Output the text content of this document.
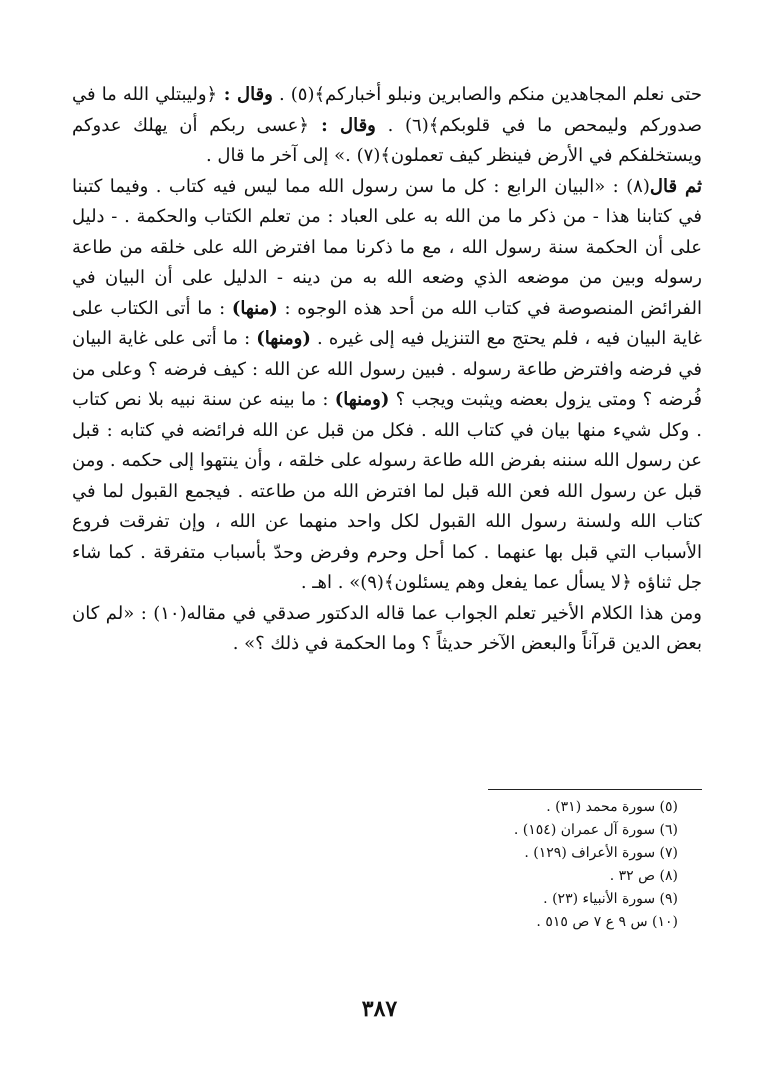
حتى نعلم المجاهدين منكم والصابرين ونبلو أخباركم﴾(٥) . وقال : ﴿وليبتلي الله ما في صدوركم وليمحص ما في قلوبكم﴾(٦) . وقال : ﴿عسى ربكم أن يهلك عدوكم ويستخلفكم في الأرض فينظر كيف تعملون﴾(٧) .» إلى آخر ما قال .

ثم قال(٨) : «البيان الرابع : كل ما سن رسول الله مما ليس فيه كتاب . وفيما كتبنا في كتابنا هذا - من ذكر ما من الله به على العباد : من تعلم الكتاب والحكمة . - دليل على أن الحكمة سنة رسول الله ، مع ما ذكرنا مما افترض الله على خلقه من طاعة رسوله وبين من موضعه الذي وضعه الله به من دينه - الدليل على أن البيان في الفرائض المنصوصة في كتاب الله من أحد هذه الوجوه : (منها) : ما أتى الكتاب على غاية البيان فيه ، فلم يحتج مع التنزيل فيه إلى غيره . (ومنها) : ما أتى على غاية البيان في فرضه وافترض طاعة رسوله . فبين رسول الله عن الله : كيف فرضه ؟ وعلى من فُرضه ؟ ومتى يزول بعضه ويثبت ويجب ؟ (ومنها) : ما بينه عن سنة نبيه بلا نص كتاب . وكل شيء منها بيان في كتاب الله . فكل من قبل عن الله فرائضه في كتابه : قبل عن رسول الله سننه بفرض الله طاعة رسوله على خلقه ، وأن ينتهوا إلى حكمه . ومن قبل عن رسول الله فعن الله قبل لما افترض الله من طاعته . فيجمع القبول لما في كتاب الله ولسنة رسول الله القبول لكل واحد منهما عن الله ، وإن تفرقت فروع الأسباب التي قبل بها عنهما . كما أحل وحرم وفرض وحدّ بأسباب متفرقة . كما شاء جل ثناؤه ﴿لا يسأل عما يفعل وهم يسئلون﴾(٩)» . اهـ .

ومن هذا الكلام الأخير تعلم الجواب عما قاله الدكتور صدقي في مقاله(١٠) : «لم كان بعض الدين قرآناً والبعض الآخر حديثاً ؟ وما الحكمة في ذلك ؟» .

(٥) سورة محمد (٣١) .
(٦) سورة آل عمران (١٥٤) .
(٧) سورة الأعراف (١٢٩) .
(٨) ص ٣٢ .
(٩) سورة الأنبياء (٢٣) .
(١٠) س ٩ ع ٧ ص ٥١٥ .
٣٨٧
